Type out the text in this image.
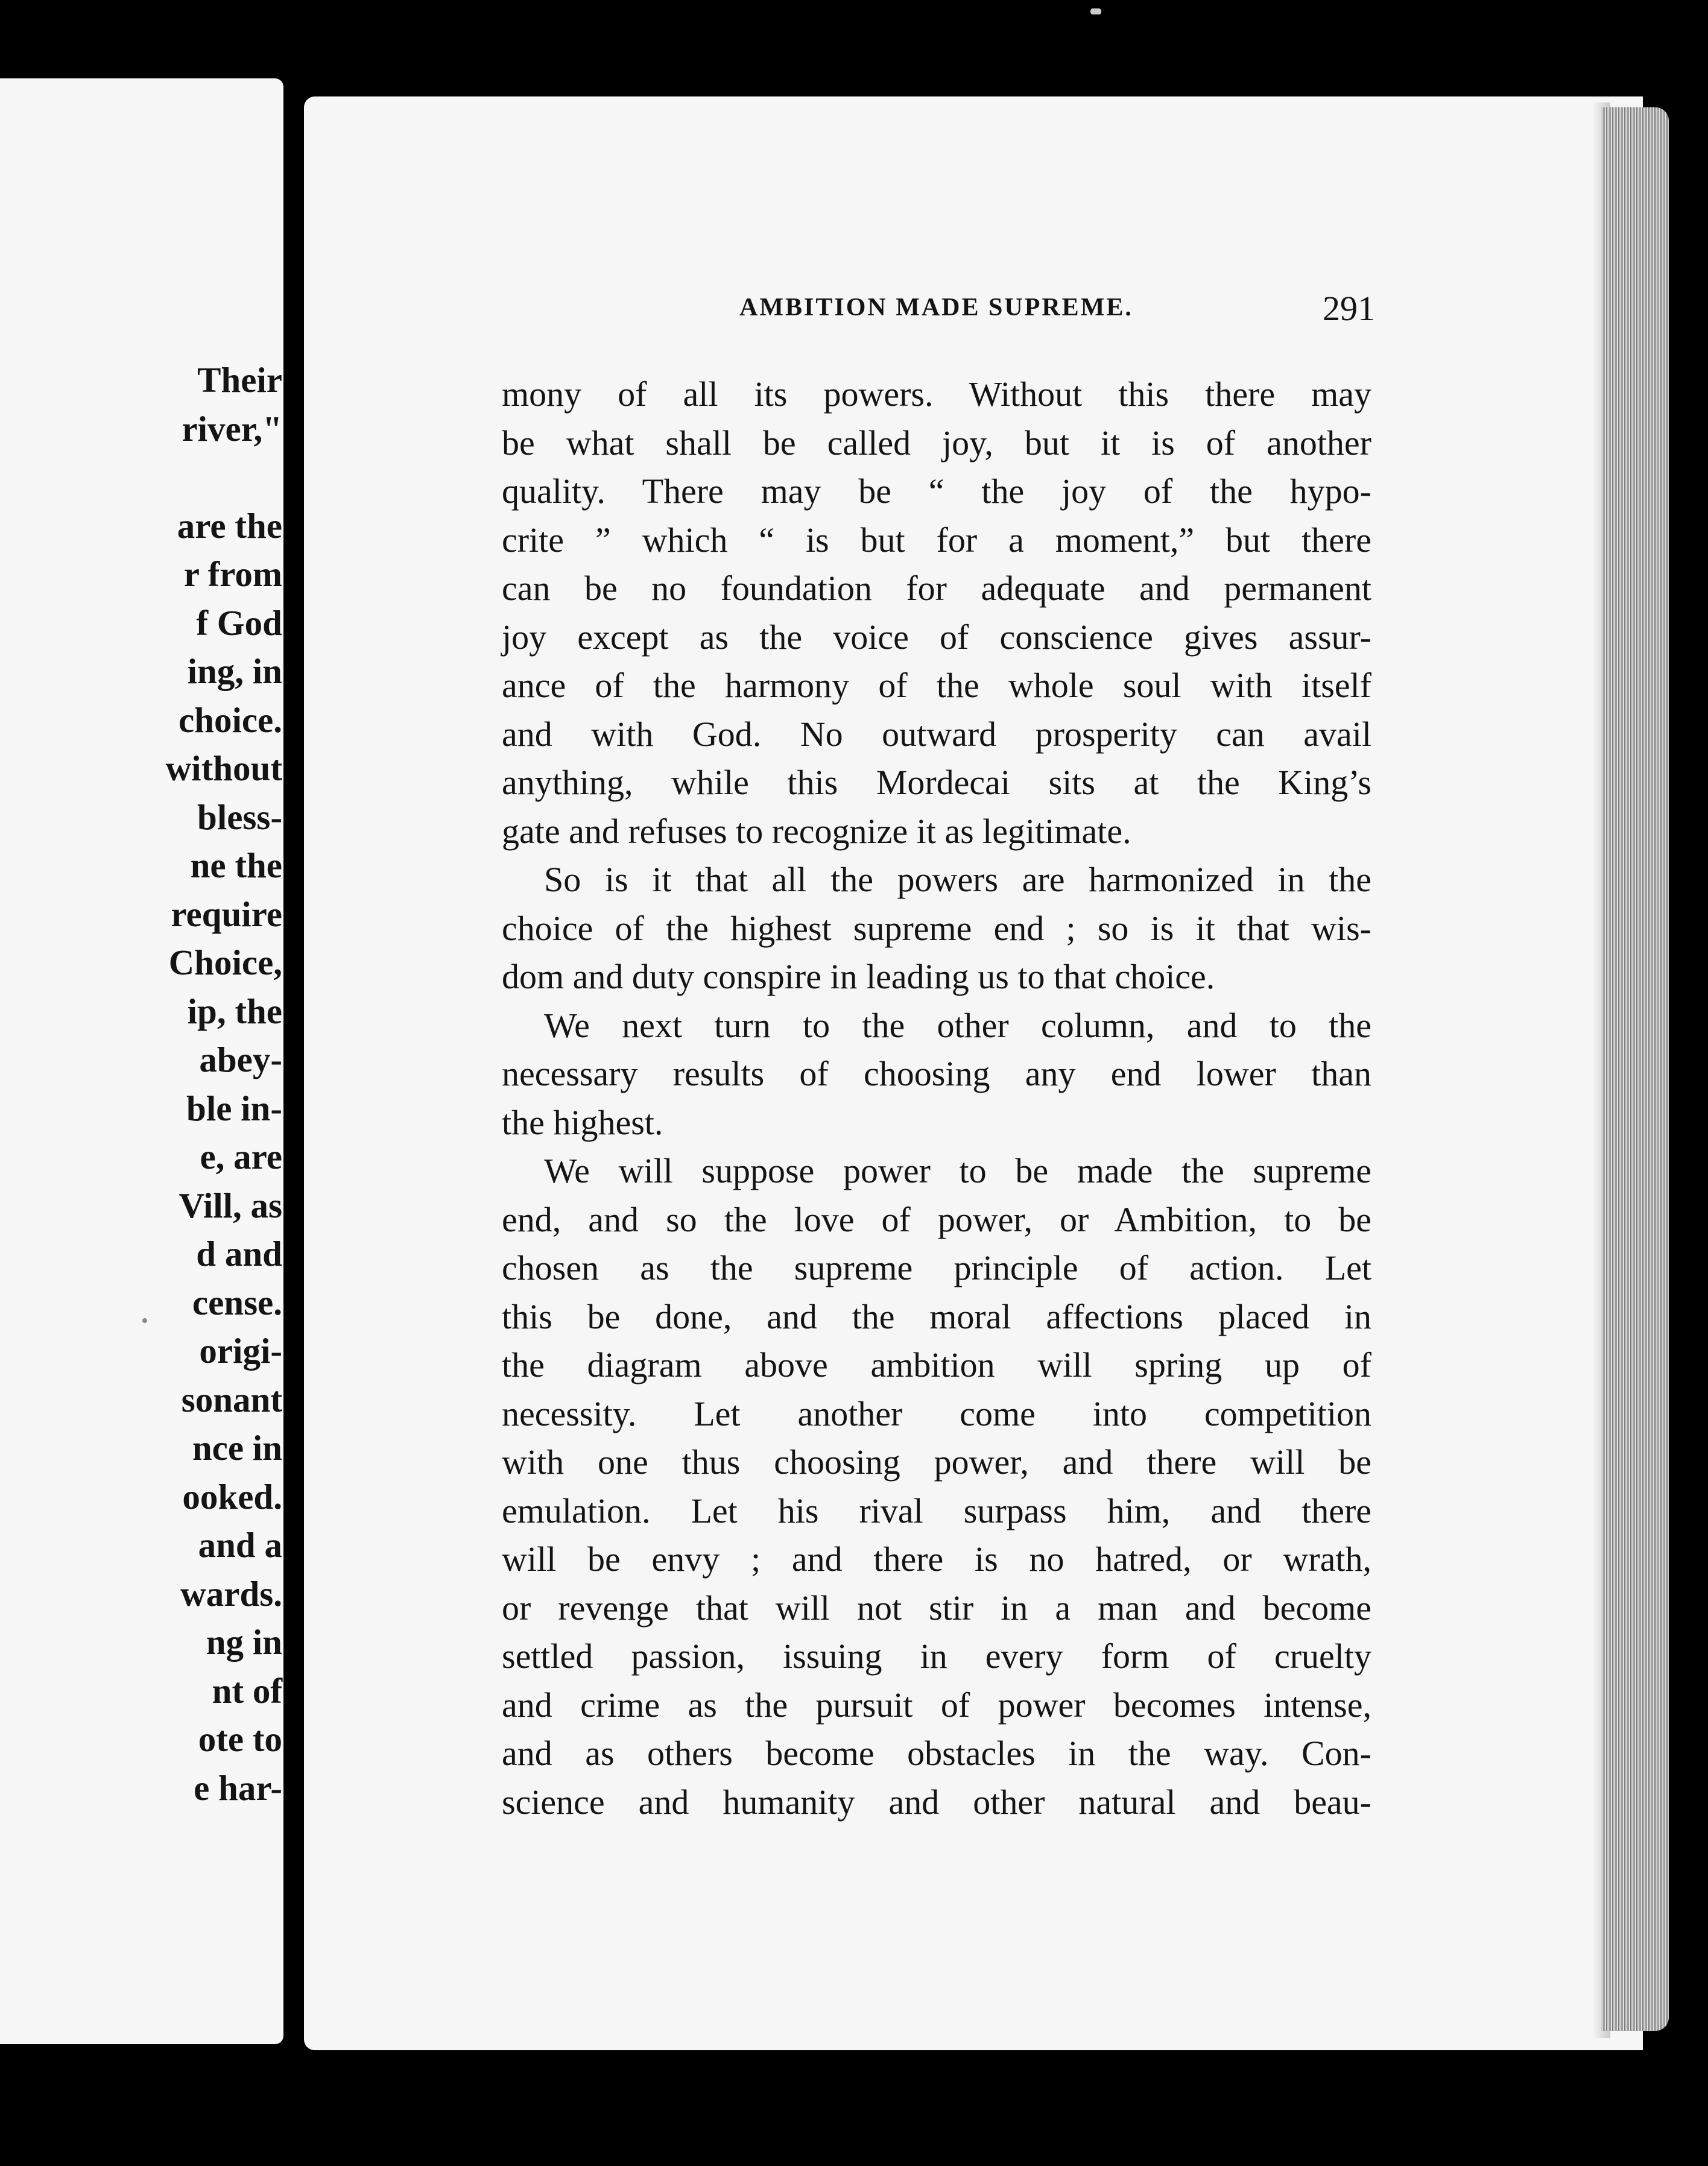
Their
river,"
are the
r from
f God
ing, in
choice.
without
bless-
ne the
require
Choice,
ip, the
abey-
ble in-
e, are
Vill, as
d and
cense.
origi-
sonant
nce in
ooked.
and a
wards.
ng in
nt of
ote to
e har-
AMBITION MADE SUPREME.	291
mony of all its powers. Without this there may
be what shall be called joy, but it is of another
quality. There may be “ the joy of the hypo-
crite ” which “ is but for a moment,” but there
can be no foundation for adequate and permanent
joy except as the voice of conscience gives assur-
ance of the harmony of the whole soul with itself
and with God. No outward prosperity can avail
anything, while this Mordecai sits at the King’s
gate and refuses to recognize it as legitimate.
So is it that all the powers are harmonized in the
choice of the highest supreme end ; so is it that wis-
dom and duty conspire in leading us to that choice.
We next turn to the other column, and to the
necessary results of choosing any end lower than
the highest.
We will suppose power to be made the supreme
end, and so the love of power, or Ambition, to be
chosen as the supreme principle of action. Let
this be done, and the moral affections placed in
the diagram above ambition will spring up of
necessity. Let another come into competition
with one thus choosing power, and there will be
emulation. Let his rival surpass him, and there
will be envy ; and there is no hatred, or wrath,
or revenge that will not stir in a man and become
settled passion, issuing in every form of cruelty
and crime as the pursuit of power becomes intense,
and as others become obstacles in the way. Con-
science and humanity and other natural and beau-
